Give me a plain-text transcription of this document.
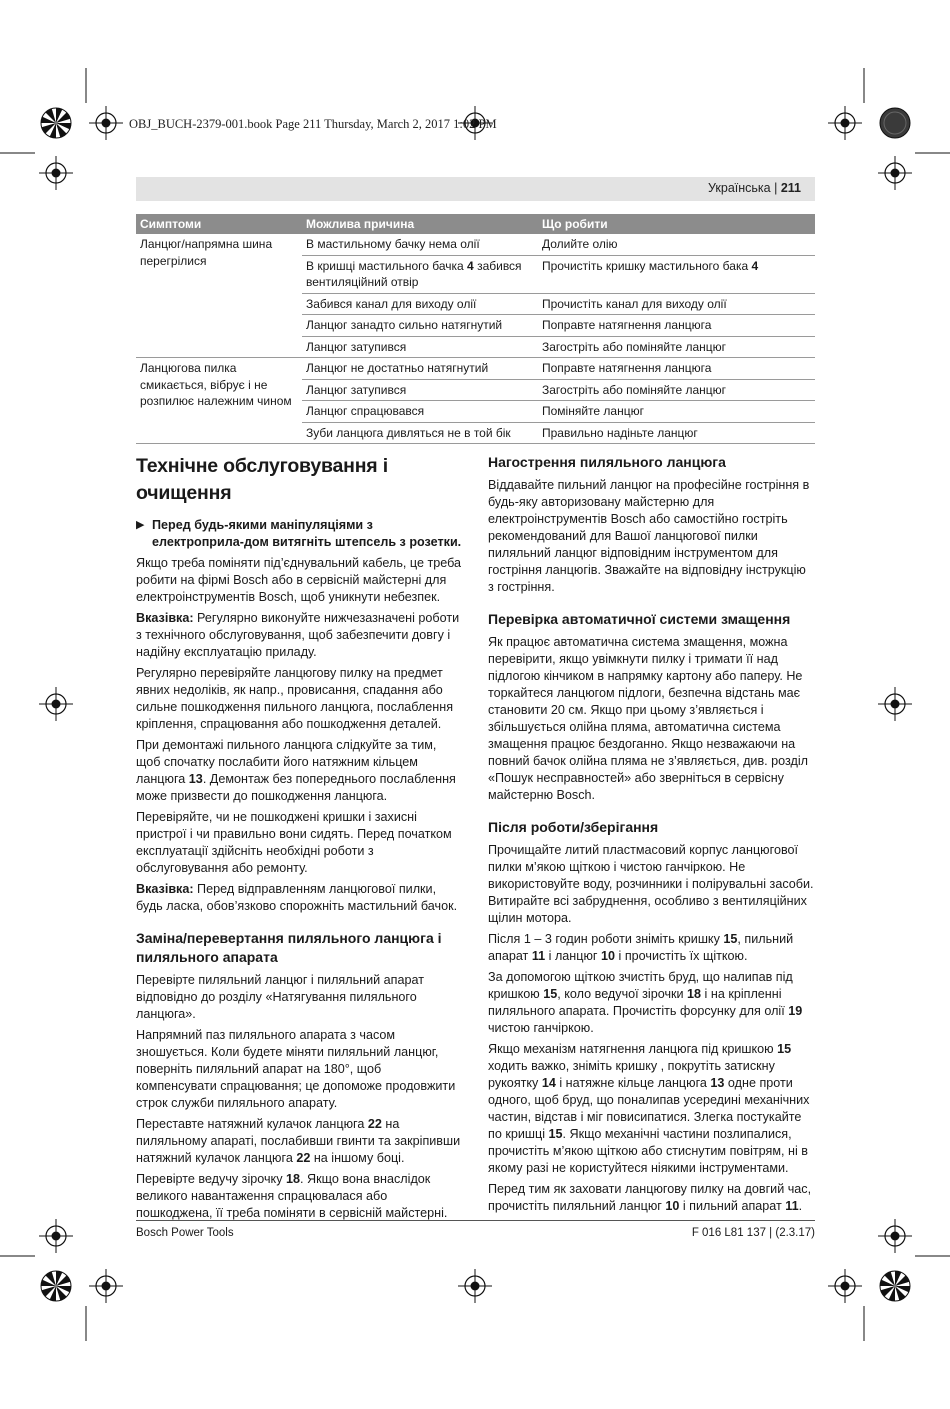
OBJ_BUCH-2379-001.book Page 211 Thursday, March 2, 2017 1:02 PM
Українська | 211
Симптоми	Можлива причина	Що робити
Ланцюг/напрямна шина перегрілися	В мастильному бачку нема олії	Долийте олію
	В кришці мастильного бачка 4 забився вентиляційний отвір	Прочистіть кришку мастильного бака 4
	Забився канал для виходу олії	Прочистіть канал для виходу олії
	Ланцюг занадто сильно натягнутий	Поправте натягнення ланцюга
	Ланцюг затупився	Загостріть або поміняйте ланцюг
Ланцюгова пилка смикається, вібрує і не розпилює належним чином	Ланцюг не достатньо натягнутий	Поправте натягнення ланцюга
	Ланцюг затупився	Загостріть або поміняйте ланцюг
	Ланцюг спрацювався	Поміняйте ланцюг
	Зуби ланцюга дивляться не в той бік	Правильно надіньте ланцюг
Технічне обслуговування і очищення
▶ Перед будь-якими маніпуляціями з електроприла-дом витягніть штепсель з розетки.

Якщо треба поміняти під’єднувальний кабель, це треба робити на фірмі Bosch або в сервісній майстерні для електроінструментів Bosch, щоб уникнути небезпек.

Вказівка: Регулярно виконуйте нижчезазначені роботи з технічного обслуговування, щоб забезпечити довгу і надійну експлуатацію приладу.

Регулярно перевіряйте ланцюгову пилку на предмет явних недоліків, як напр., провисання, спадання або сильне пошкодження пильного ланцюга, послаблення кріплення, спрацювання або пошкодження деталей.

При демонтажі пильного ланцюга слідкуйте за тим, щоб спочатку послабити його натяжним кільцем ланцюга 13. Демонтаж без попереднього послаблення може призвести до пошкодження ланцюга.

Перевіряйте, чи не пошкоджені кришки і захисні пристрої і чи правильно вони сидять. Перед початком експлуатації здійсніть необхідні роботи з обслуговування або ремонту.

Вказівка: Перед відправленням ланцюгової пилки, будь ласка, обов’язково спорожніть мастильний бачок.

Заміна/перевертання пиляльного ланцюга і пиляльного апарата

Перевірте пиляльний ланцюг і пиляльний апарат відповідно до розділу «Натягування пиляльного ланцюга».

Напрямний паз пиляльного апарата з часом зношується. Коли будете міняти пиляльний ланцюг, поверніть пиляльний апарат на 180°, щоб компенсувати спрацювання; це допоможе продовжити строк служби пиляльного апарату.

Переставте натяжний кулачок ланцюга 22 на пиляльному апараті, послабивши гвинти та закріпивши натяжний кулачок ланцюга 22 на іншому боці.

Перевірте ведучу зірочку 18. Якщо вона внаслідок великого навантаження спрацювалася або пошкоджена, її треба поміняти в сервісній майстерні.

Нагострення пиляльного ланцюга

Віддавайте пильний ланцюг на професійне гостріння в будь-яку авторизовану майстерню для електроінструментів Bosch або самостійно гостріть рекомендований для Вашої ланцюгової пилки пиляльний ланцюг відповідним інструментом для гостріння ланцюгів. Зважайте на відповідну інструкцію з гостріння.

Перевірка автоматичної системи змащення

Як працює автоматична система змащення, можна перевірити, якщо увімкнути пилку і тримати її над підлогою кінчиком в напрямку картону або паперу. Не торкайтеся ланцюгом підлоги, безпечна відстань має становити 20 см. Якщо при цьому з’являється і збільшується олійна пляма, автоматична система змащення працює бездоганно. Якщо незважаючи на повний бачок олійна пляма не з’являється, див. розділ «Пошук несправностей» або зверніться в сервісну майстерню Bosch.

Після роботи/зберігання

Прочищайте литий пластмасовий корпус ланцюгової пилки м’якою щіткою і чистою ганчіркою. Не використовуйте воду, розчинники і полірувальні засоби. Витирайте всі забруднення, особливо з вентиляційних щілин мотора.

Після 1 – 3 годин роботи зніміть кришку 15, пильний апарат 11 і ланцюг 10 і прочистіть їх щіткою.

За допомогою щіткою зчистіть бруд, що налипав під кришкою 15, коло ведучої зірочки 18 і на кріпленні пиляльного апарата. Прочистіть форсунку для олії 19 чистою ганчіркою.

Якщо механізм натягнення ланцюга під кришкою 15 ходить важко, зніміть кришку , покрутіть затискну рукоятку 14 і натяжне кільце ланцюга 13 одне проти одного, щоб бруд, що поналипав усередині механічних частин, відстав і міг повисипатися. Злегка постукайте по кришці 15. Якщо механічні частини позлипалися, прочистіть м’якою щіткою або стиснутим повітрям, ні в якому разі не користуйтеся ніякими інструментами.

Перед тим як заховати ланцюгову пилку на довгий час, прочистіть пиляльний ланцюг 10 і пильний апарат 11.

Bosch Power Tools	F 016 L81 137 | (2.3.17)
